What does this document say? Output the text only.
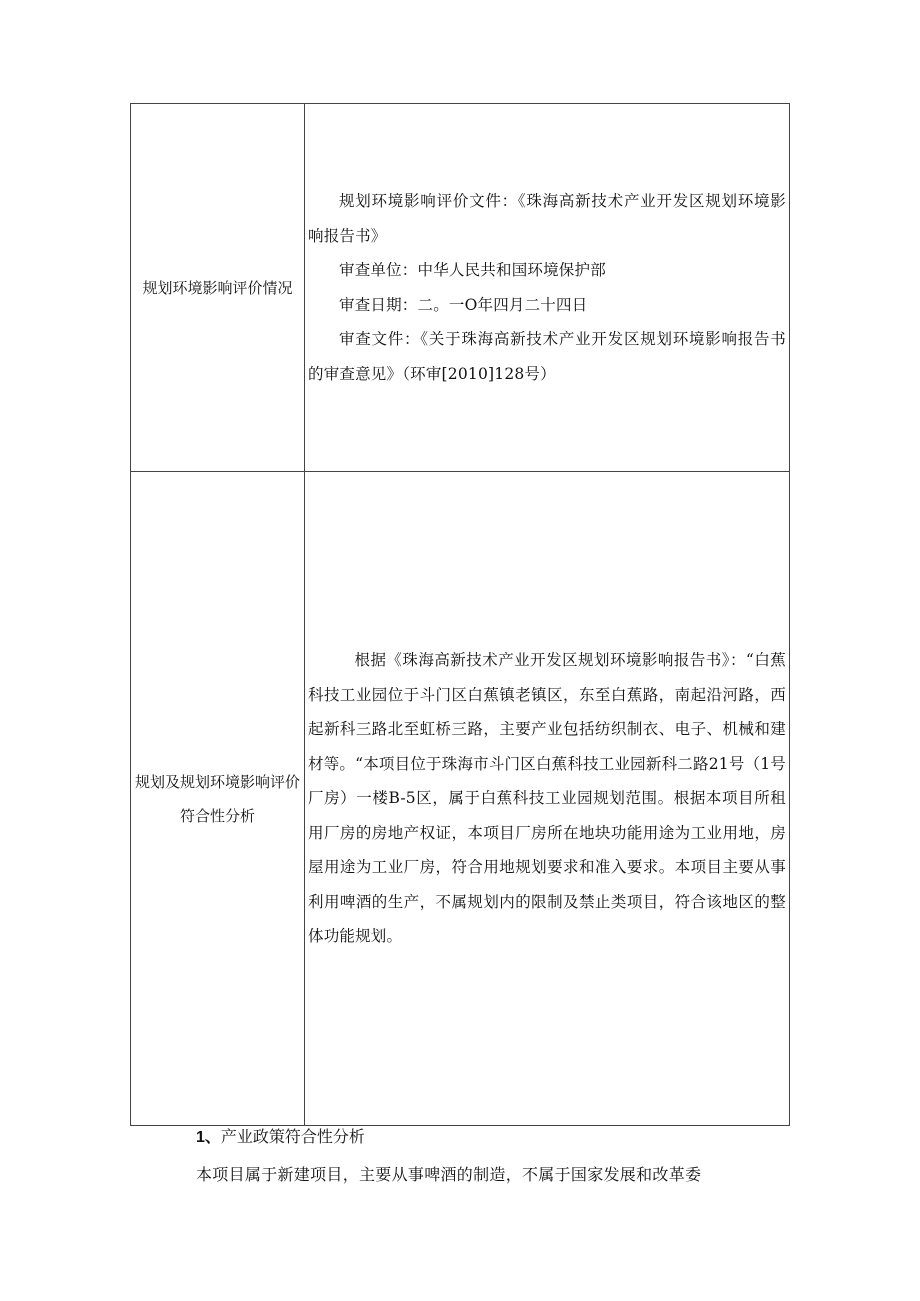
规划环境影响评价情况

规划环境影响评价文件：《珠海高新技术产业开发区规划环境影响报告书》

审查单位：中华人民共和国环境保护部

审查日期：二。一O年四月二十四日

审查文件：《关于珠海高新技术产业开发区规划环境影响报告书的审查意见》（环审[2010]128号）

规划及规划环境影响评价符合性分析

根据《珠海高新技术产业开发区规划环境影响报告书》：“白蕉科技工业园位于斗门区白蕉镇老镇区，东至白蕉路，南起沿河路，西起新科三路北至虹桥三路，主要产业包括纺织制衣、电子、机械和建材等。“本项目位于珠海市斗门区白蕉科技工业园新科二路21号（1号厂房）一楼B-5区，属于白蕉科技工业园规划范围。根据本项目所租用厂房的房地产权证，本项目厂房所在地块功能用途为工业用地，房屋用途为工业厂房，符合用地规划要求和准入要求。本项目主要从事利用啤酒的生产，不属规划内的限制及禁止类项目，符合该地区的整体功能规划。

1、产业政策符合性分析
本项目属于新建项目，主要从事啤酒的制造，不属于国家发展和改革委
